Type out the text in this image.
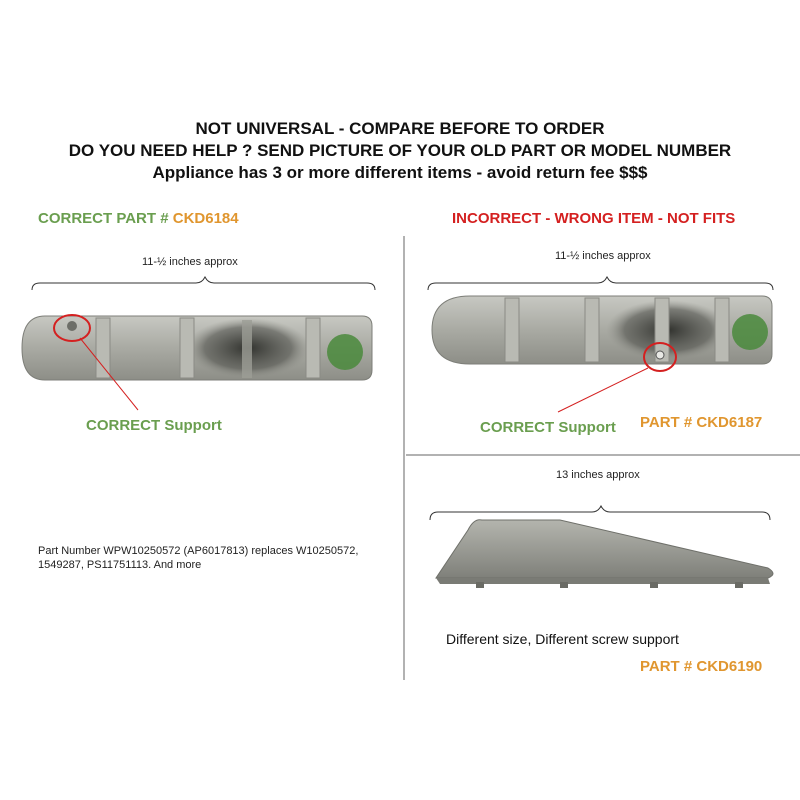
NOT UNIVERSAL - COMPARE BEFORE TO ORDER
DO YOU NEED HELP ? SEND PICTURE OF YOUR OLD PART OR MODEL NUMBER
Appliance has 3 or more different items - avoid return fee $$$
CORRECT PART # CKD6184	INCORRECT - WRONG ITEM - NOT FITS
11-½ inches approx
CORRECT Support
Part Number WPW10250572 (AP6017813) replaces W10250572, 1549287, PS11751113. And more
11-½ inches approx
CORRECT Support PART # CKD6187
13 inches approx
Different size, Different screw support
PART # CKD6190
